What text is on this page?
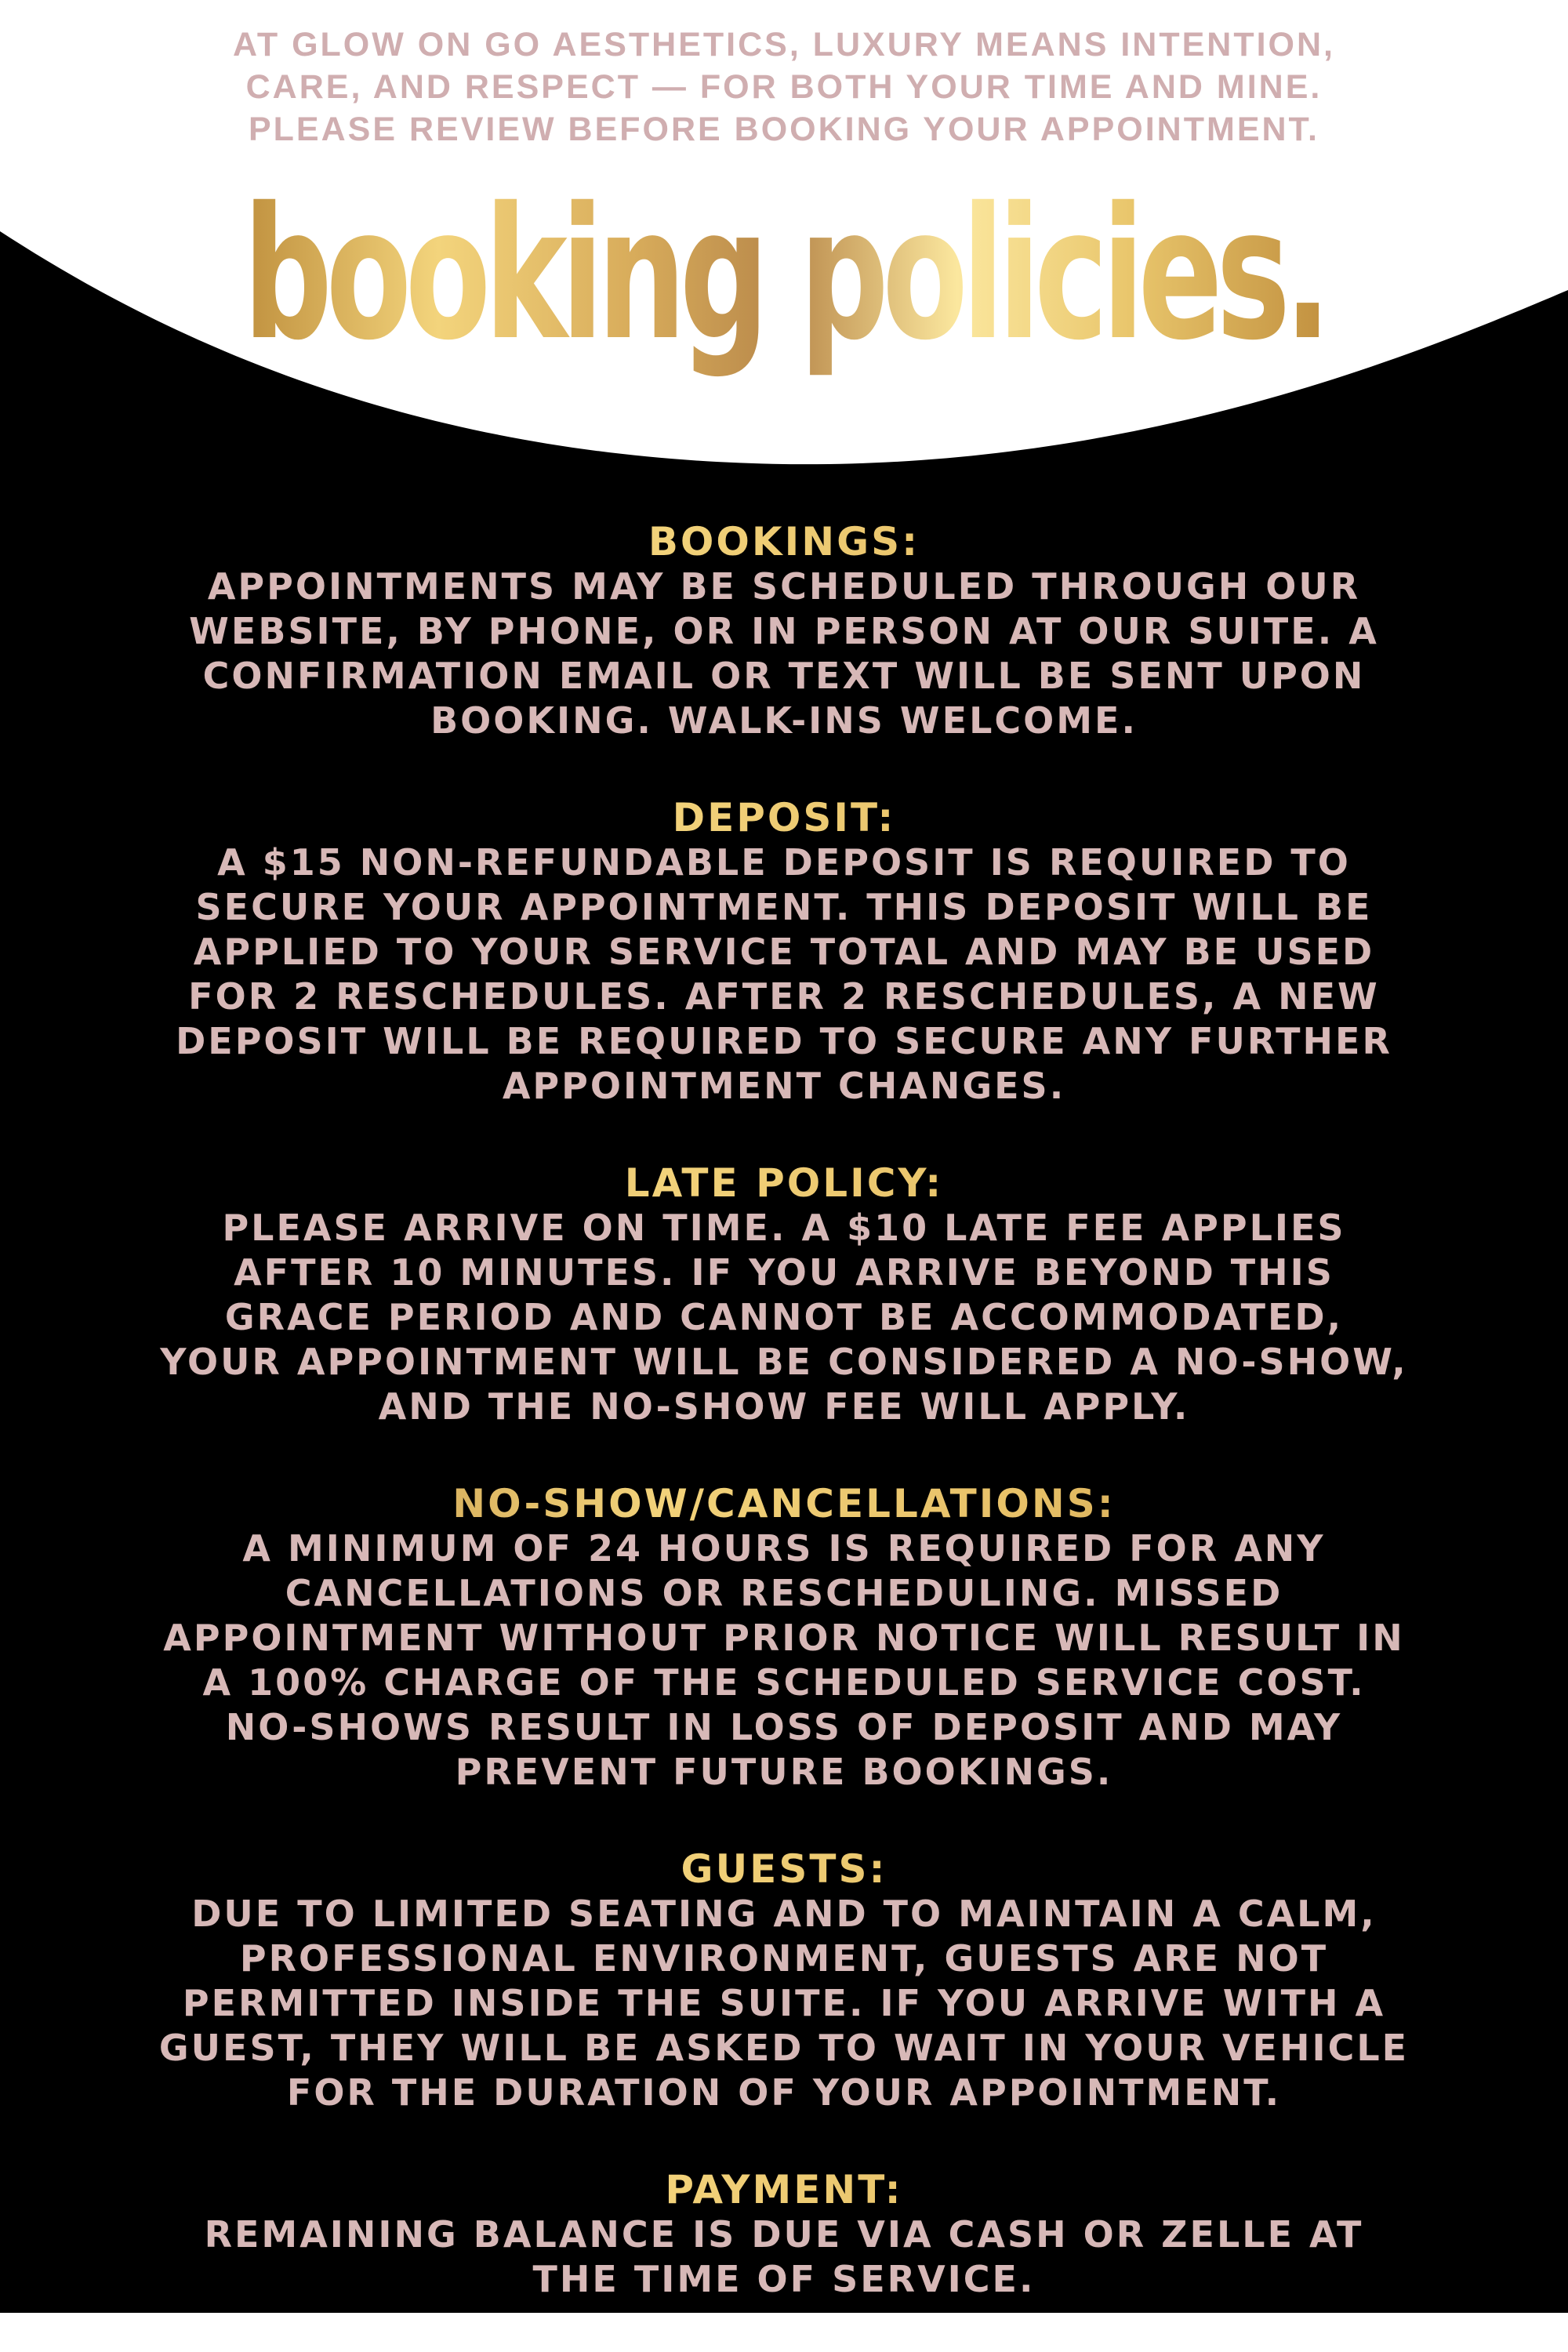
AT GLOW ON GO AESTHETICS, LUXURY MEANS INTENTION,
CARE, AND RESPECT — FOR BOTH YOUR TIME AND MINE.
PLEASE REVIEW BEFORE BOOKING YOUR APPOINTMENT.

booking policies.

BOOKINGS:

APPOINTMENTS MAY BE SCHEDULED THROUGH OUR WEBSITE, BY PHONE, OR IN PERSON AT OUR SUITE. A CONFIRMATION EMAIL OR TEXT WILL BE SENT UPON BOOKING. WALK-INS WELCOME.

DEPOSIT:

A $15 NON-REFUNDABLE DEPOSIT IS REQUIRED TO SECURE YOUR APPOINTMENT. THIS DEPOSIT WILL BE APPLIED TO YOUR SERVICE TOTAL AND MAY BE USED FOR 2 RESCHEDULES. AFTER 2 RESCHEDULES, A NEW DEPOSIT WILL BE REQUIRED TO SECURE ANY FURTHER APPOINTMENT CHANGES.

LATE POLICY:

PLEASE ARRIVE ON TIME. A $10 LATE FEE APPLIES AFTER 10 MINUTES. IF YOU ARRIVE BEYOND THIS GRACE PERIOD AND CANNOT BE ACCOMMODATED, YOUR APPOINTMENT WILL BE CONSIDERED A NO-SHOW, AND THE NO-SHOW FEE WILL APPLY.

NO-SHOW/CANCELLATIONS:

A MINIMUM OF 24 HOURS IS REQUIRED FOR ANY CANCELLATIONS OR RESCHEDULING. MISSED APPOINTMENT WITHOUT PRIOR NOTICE WILL RESULT IN A 100% CHARGE OF THE SCHEDULED SERVICE COST. NO-SHOWS RESULT IN LOSS OF DEPOSIT AND MAY PREVENT FUTURE BOOKINGS.

GUESTS:

DUE TO LIMITED SEATING AND TO MAINTAIN A CALM, PROFESSIONAL ENVIRONMENT, GUESTS ARE NOT PERMITTED INSIDE THE SUITE. IF YOU ARRIVE WITH A GUEST, THEY WILL BE ASKED TO WAIT IN YOUR VEHICLE FOR THE DURATION OF YOUR APPOINTMENT.

PAYMENT:

REMAINING BALANCE IS DUE VIA CASH OR ZELLE AT THE TIME OF SERVICE.
